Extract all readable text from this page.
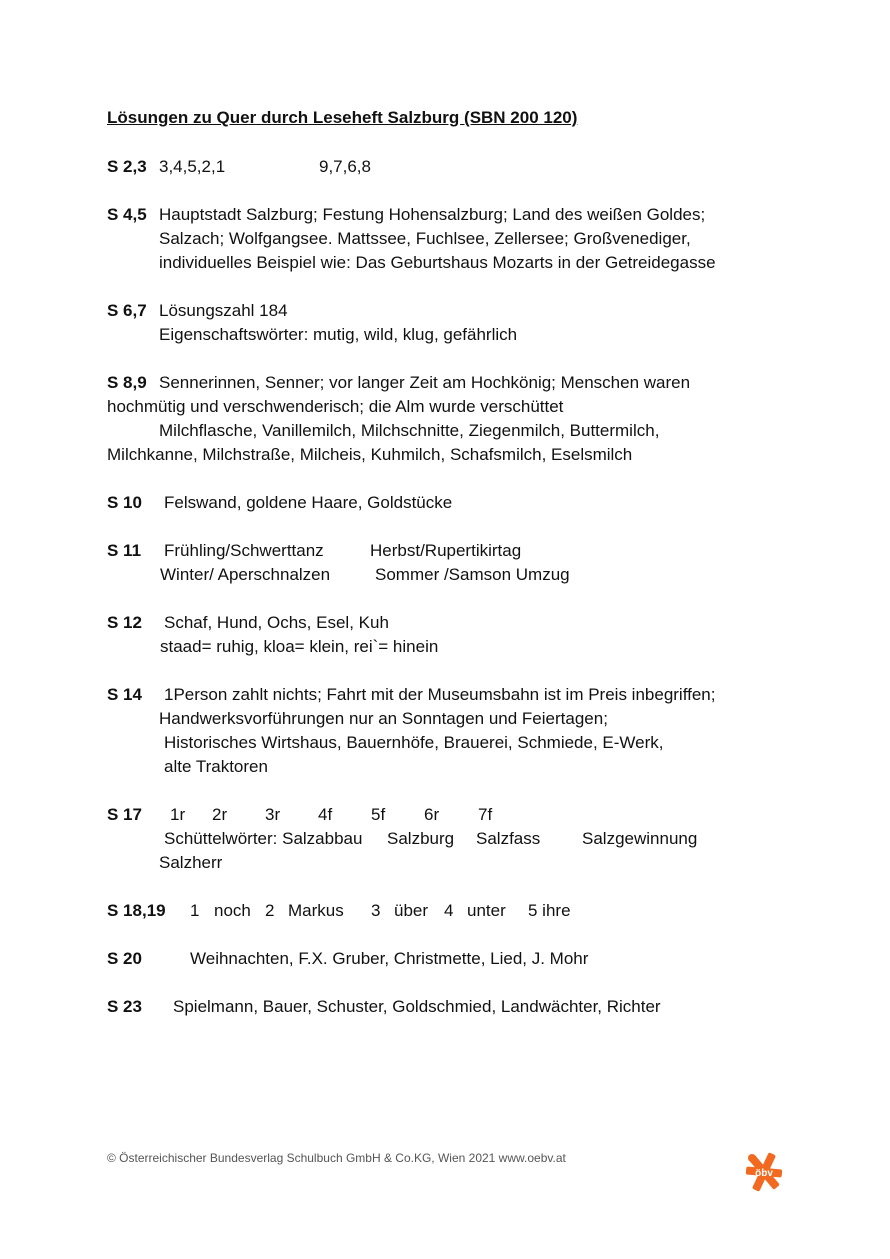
Lösungen zu Quer durch Leseheft Salzburg (SBN 200 120)
S 2,3 3,4,5,2,1	9,7,6,8
S 4,5 Hauptstadt Salzburg; Festung Hohensalzburg; Land des weißen Goldes;
Salzach; Wolfgangsee. Mattssee, Fuchlsee, Zellersee; Großvenediger,
individuelles Beispiel wie: Das Geburtshaus Mozarts in der Getreidegasse
S 6,7 Lösungszahl 184
Eigenschaftswörter: mutig, wild, klug, gefährlich
S 8,9 Sennerinnen, Senner; vor langer Zeit am Hochkönig; Menschen waren
hochmütig und verschwenderisch; die Alm wurde verschüttet
Milchflasche, Vanillemilch, Milchschnitte, Ziegenmilch, Buttermilch,
Milchkanne, Milchstraße, Milcheis, Kuhmilch, Schafsmilch, Eselsmilch
S 10 Felswand, goldene Haare, Goldstücke
S 11 Frühling/Schwerttanz	Herbst/Rupertikirtag
Winter/ Aperschnalzen	Sommer /Samson Umzug
S 12 Schaf, Hund, Ochs, Esel, Kuh
staad= ruhig, kloa= klein, rei`= hinein
S 14 1Person zahlt nichts; Fahrt mit der Museumsbahn ist im Preis inbegriffen;
Handwerksvorführungen nur an Sonntagen und Feiertagen;
Historisches Wirtshaus, Bauernhöfe, Brauerei, Schmiede, E-Werk,
alte Traktoren
S 17 1r 2r 3r 4f 5f 6r 7f
Schüttelwörter: Salzabbau Salzburg Salzfass Salzgewinnung
Salzherr
S 18,19 1 noch 2 Markus 3 über 4 unter 5 ihre
S 20	Weihnachten, F.X. Gruber, Christmette, Lied, J. Mohr
S 23 Spielmann, Bauer, Schuster, Goldschmied, Landwächter, Richter
© Österreichischer Bundesverlag Schulbuch GmbH & Co.KG, Wien 2021 www.oebv.at
öbv
